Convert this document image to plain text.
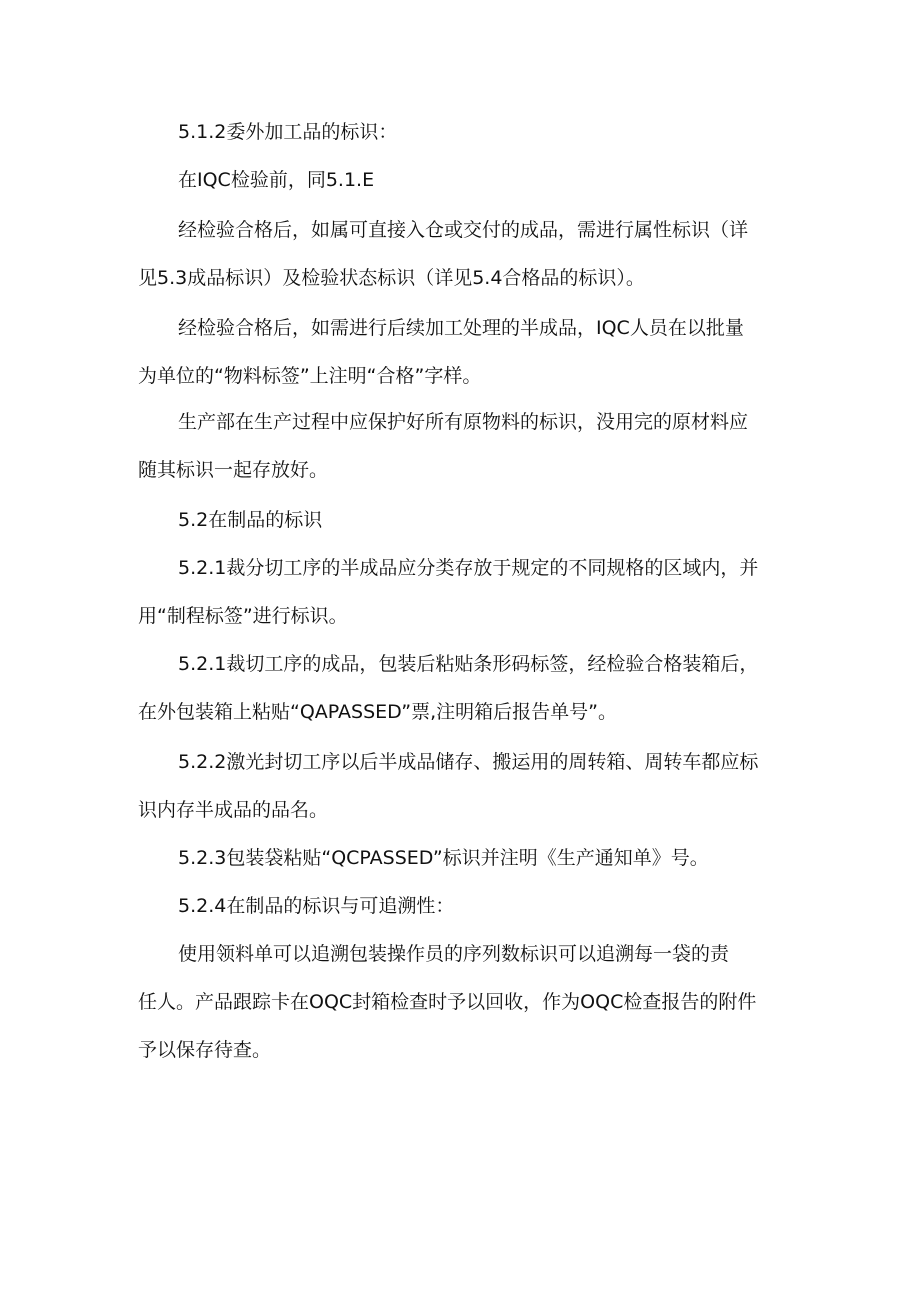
5.1.2委外加工品的标识：

在IQC检验前，同5.1.E

经检验合格后，如属可直接入仓或交付的成品，需进行属性标识（详
见5.3成品标识）及检验状态标识（详见5.4合格品的标识）。
经检验合格后，如需进行后续加工处理的半成品，IQC人员在以批量
为单位的“物料标签”上注明“合格”字样。
生产部在生产过程中应保护好所有原物料的标识，没用完的原材料应
随其标识一起存放好。

5.2在制品的标识

5.2.1裁分切工序的半成品应分类存放于规定的不同规格的区域内，并
用“制程标签”进行标识。
5.2.1裁切工序的成品，包装后粘贴条形码标签，经检验合格装箱后，
在外包装箱上粘贴“QAPASSED”票,注明箱后报告单号”。
5.2.2激光封切工序以后半成品储存、搬运用的周转箱、周转车都应标
识内存半成品的品名。

5.2.3包装袋粘贴“QCPASSED”标识并注明《生产通知单》号。

5.2.4在制品的标识与可追溯性：

使用领料单可以追溯包装操作员的序列数标识可以追溯每一袋的责
任人。产品跟踪卡在OQC封箱检查时予以回收，作为OQC检查报告的附件
予以保存待查。
